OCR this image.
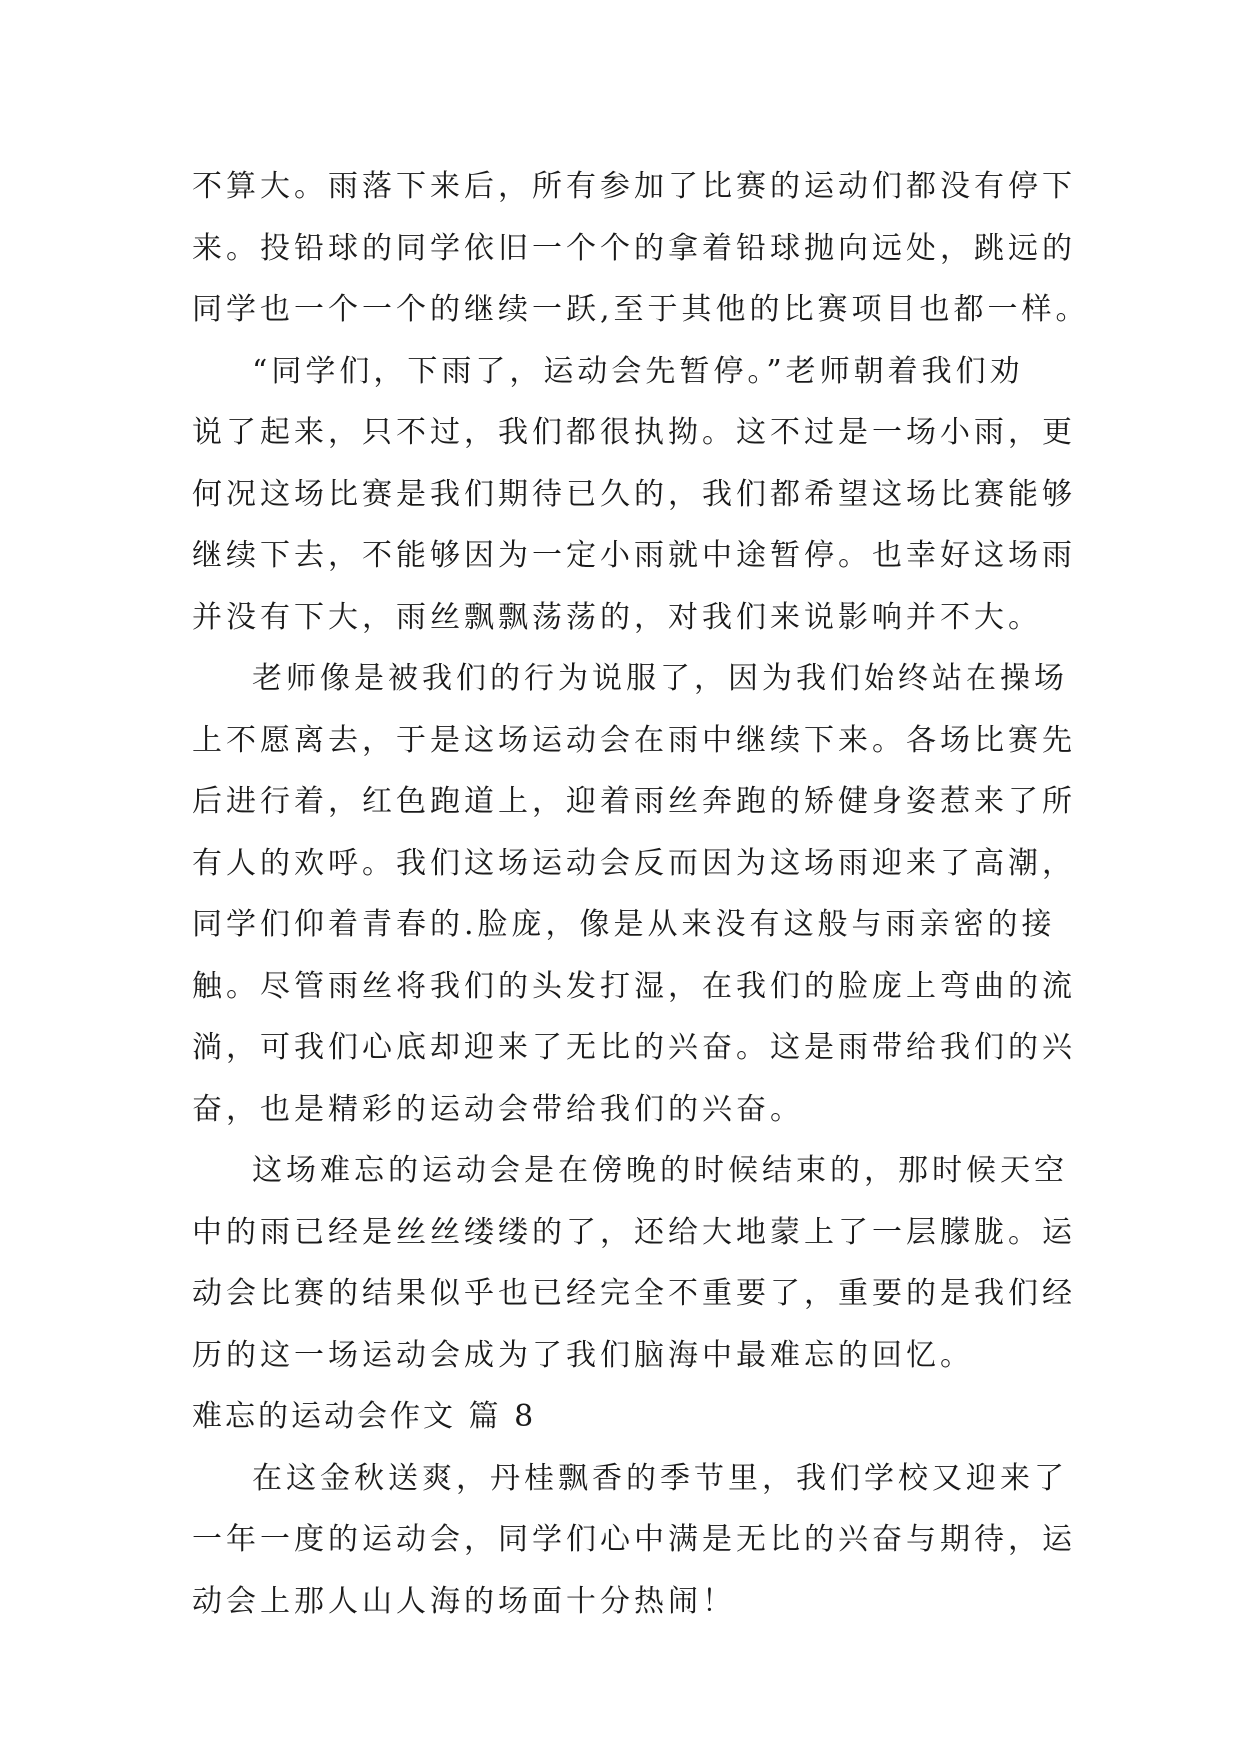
不算大。雨落下来后，所有参加了比赛的运动们都没有停下
来。投铅球的同学依旧一个个的拿着铅球抛向远处，跳远的
同学也一个一个的继续一跃,至于其他的比赛项目也都一样。
“同学们，下雨了，运动会先暂停。”老师朝着我们劝
说了起来，只不过，我们都很执拗。这不过是一场小雨，更
何况这场比赛是我们期待已久的，我们都希望这场比赛能够
继续下去，不能够因为一定小雨就中途暂停。也幸好这场雨
并没有下大，雨丝飘飘荡荡的，对我们来说影响并不大。
老师像是被我们的行为说服了，因为我们始终站在操场
上不愿离去，于是这场运动会在雨中继续下来。各场比赛先
后进行着，红色跑道上，迎着雨丝奔跑的矫健身姿惹来了所
有人的欢呼。我们这场运动会反而因为这场雨迎来了高潮，
同学们仰着青春的.脸庞，像是从来没有这般与雨亲密的接
触。尽管雨丝将我们的头发打湿，在我们的脸庞上弯曲的流
淌，可我们心底却迎来了无比的兴奋。这是雨带给我们的兴
奋，也是精彩的运动会带给我们的兴奋。
这场难忘的运动会是在傍晚的时候结束的，那时候天空
中的雨已经是丝丝缕缕的了，还给大地蒙上了一层朦胧。运
动会比赛的结果似乎也已经完全不重要了，重要的是我们经
历的这一场运动会成为了我们脑海中最难忘的回忆。
难忘的运动会作文 篇 8
在这金秋送爽，丹桂飘香的季节里，我们学校又迎来了
一年一度的运动会，同学们心中满是无比的兴奋与期待，运
动会上那人山人海的场面十分热闹！
